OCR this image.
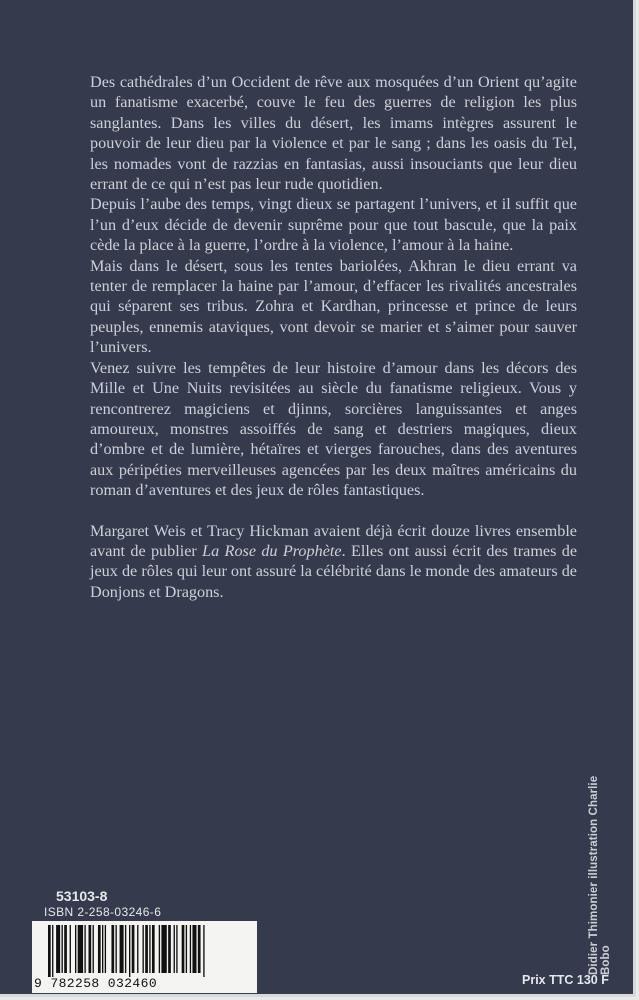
Des cathédrales d’un Occident de rêve aux mosquées d’un Orient qu’agite un fanatisme exacerbé, couve le feu des guerres de religion les plus sanglantes. Dans les villes du désert, les imams intègres assurent le pouvoir de leur dieu par la violence et par le sang ; dans les oasis du Tel, les nomades vont de razzias en fantasias, aussi insouciants que leur dieu errant de ce qui n’est pas leur rude quotidien.

Depuis l’aube des temps, vingt dieux se partagent l’univers, et il suffit que l’un d’eux décide de devenir suprême pour que tout bascule, que la paix cède la place à la guerre, l’ordre à la violence, l’amour à la haine.

Mais dans le désert, sous les tentes bariolées, Akhran le dieu errant va tenter de remplacer la haine par l’amour, d’effacer les rivalités ancestrales qui séparent ses tribus. Zohra et Kardhan, princesse et prince de leurs peuples, ennemis ataviques, vont devoir se marier et s’aimer pour sauver l’univers.

Venez suivre les tempêtes de leur histoire d’amour dans les décors des Mille et Une Nuits revisitées au siècle du fanatisme religieux. Vous y rencontrerez magiciens et djinns, sorcières languissantes et anges amoureux, monstres assoiffés de sang et destriers magiques, dieux d’ombre et de lumière, hétaïres et vierges farouches, dans des aventures aux péripéties merveilleuses agencées par les deux maîtres américains du roman d’aventures et des jeux de rôles fantastiques.

Margaret Weis et Tracy Hickman avaient déjà écrit douze livres ensemble avant de publier La Rose du Prophète. Elles ont aussi écrit des trames de jeux de rôles qui leur ont assuré la célébrité dans le monde des amateurs de Donjons et Dragons.

Didier Thimonier illustration Charlie Bobo
53103-8
ISBN 2-258-03246-6
9 782258 032460	Prix TTC 130 F
